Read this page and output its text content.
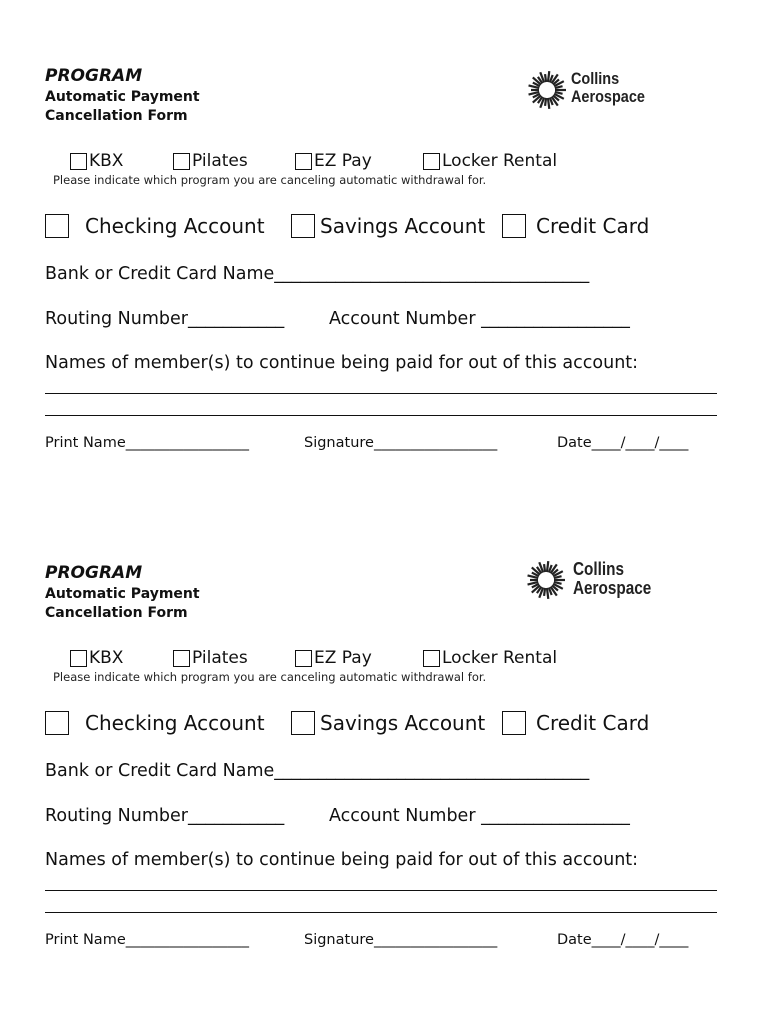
PROGRAM
Automatic Payment
Cancellation Form
Collins
Aerospace
KBX	Pilates	EZ Pay	Locker Rental
Please indicate which program you are canceling automatic withdrawal for.
Checking Account	Savings Account	Credit Card
Bank or Credit Card Name____________________________________
Routing Number___________	Account Number _________________
Names of member(s) to continue being paid for out of this account:
Print Name_________________	Signature_________________	Date____/____/____
PROGRAM
Automatic Payment
Cancellation Form
Collins
Aerospace
KBX	Pilates	EZ Pay	Locker Rental
Please indicate which program you are canceling automatic withdrawal for.
Checking Account	Savings Account	Credit Card
Bank or Credit Card Name____________________________________
Routing Number___________	Account Number _________________
Names of member(s) to continue being paid for out of this account:
Print Name_________________	Signature_________________	Date____/____/____
